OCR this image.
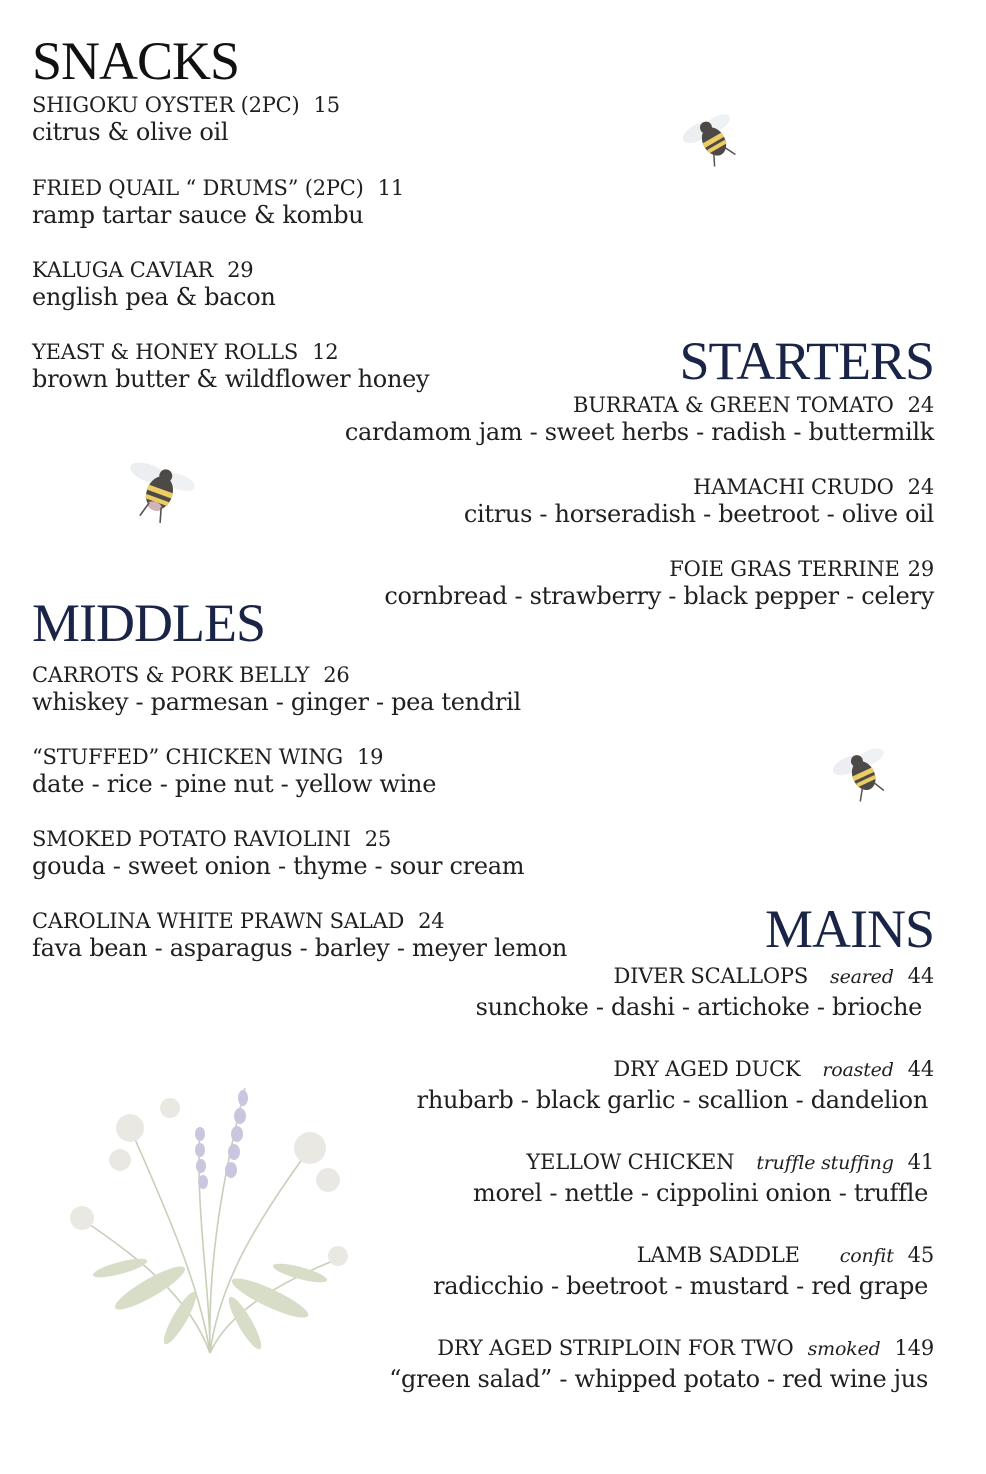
SNACKS
SHIGOKU OYSTER (2PC) 15
citrus & olive oil
FRIED QUAIL “ DRUMS” (2PC) 11
ramp tartar sauce & kombu
KALUGA CAVIAR 29
english pea & bacon
YEAST & HONEY ROLLS 12
brown butter & wildflower honey	STARTERS
BURRATA & GREEN TOMATO 24
cardamom jam - sweet herbs - radish - buttermilk
HAMACHI CRUDO 24
citrus - horseradish - beetroot - olive oil
FOIE GRAS TERRINE 29
cornbread - strawberry - black pepper - celery
MIDDLES
CARROTS & PORK BELLY 26
whiskey - parmesan - ginger - pea tendril
“STUFFED” CHICKEN WING 19
date - rice - pine nut - yellow wine
SMOKED POTATO RAVIOLINI 25
gouda - sweet onion - thyme - sour cream
CAROLINA WHITE PRAWN SALAD 24
fava bean - asparagus - barley - meyer lemon	MAINS
DIVER SCALLOPS seared 44
sunchoke - dashi - artichoke - brioche
DRY AGED DUCK roasted 44
rhubarb - black garlic - scallion - dandelion
YELLOW CHICKEN truffle stuffing 41
morel - nettle - cippolini onion - truffle
LAMB SADDLE confit 45
radicchio - beetroot - mustard - red grape
DRY AGED STRIPLOIN FOR TWO smoked 149
“green salad” - whipped potato - red wine jus
